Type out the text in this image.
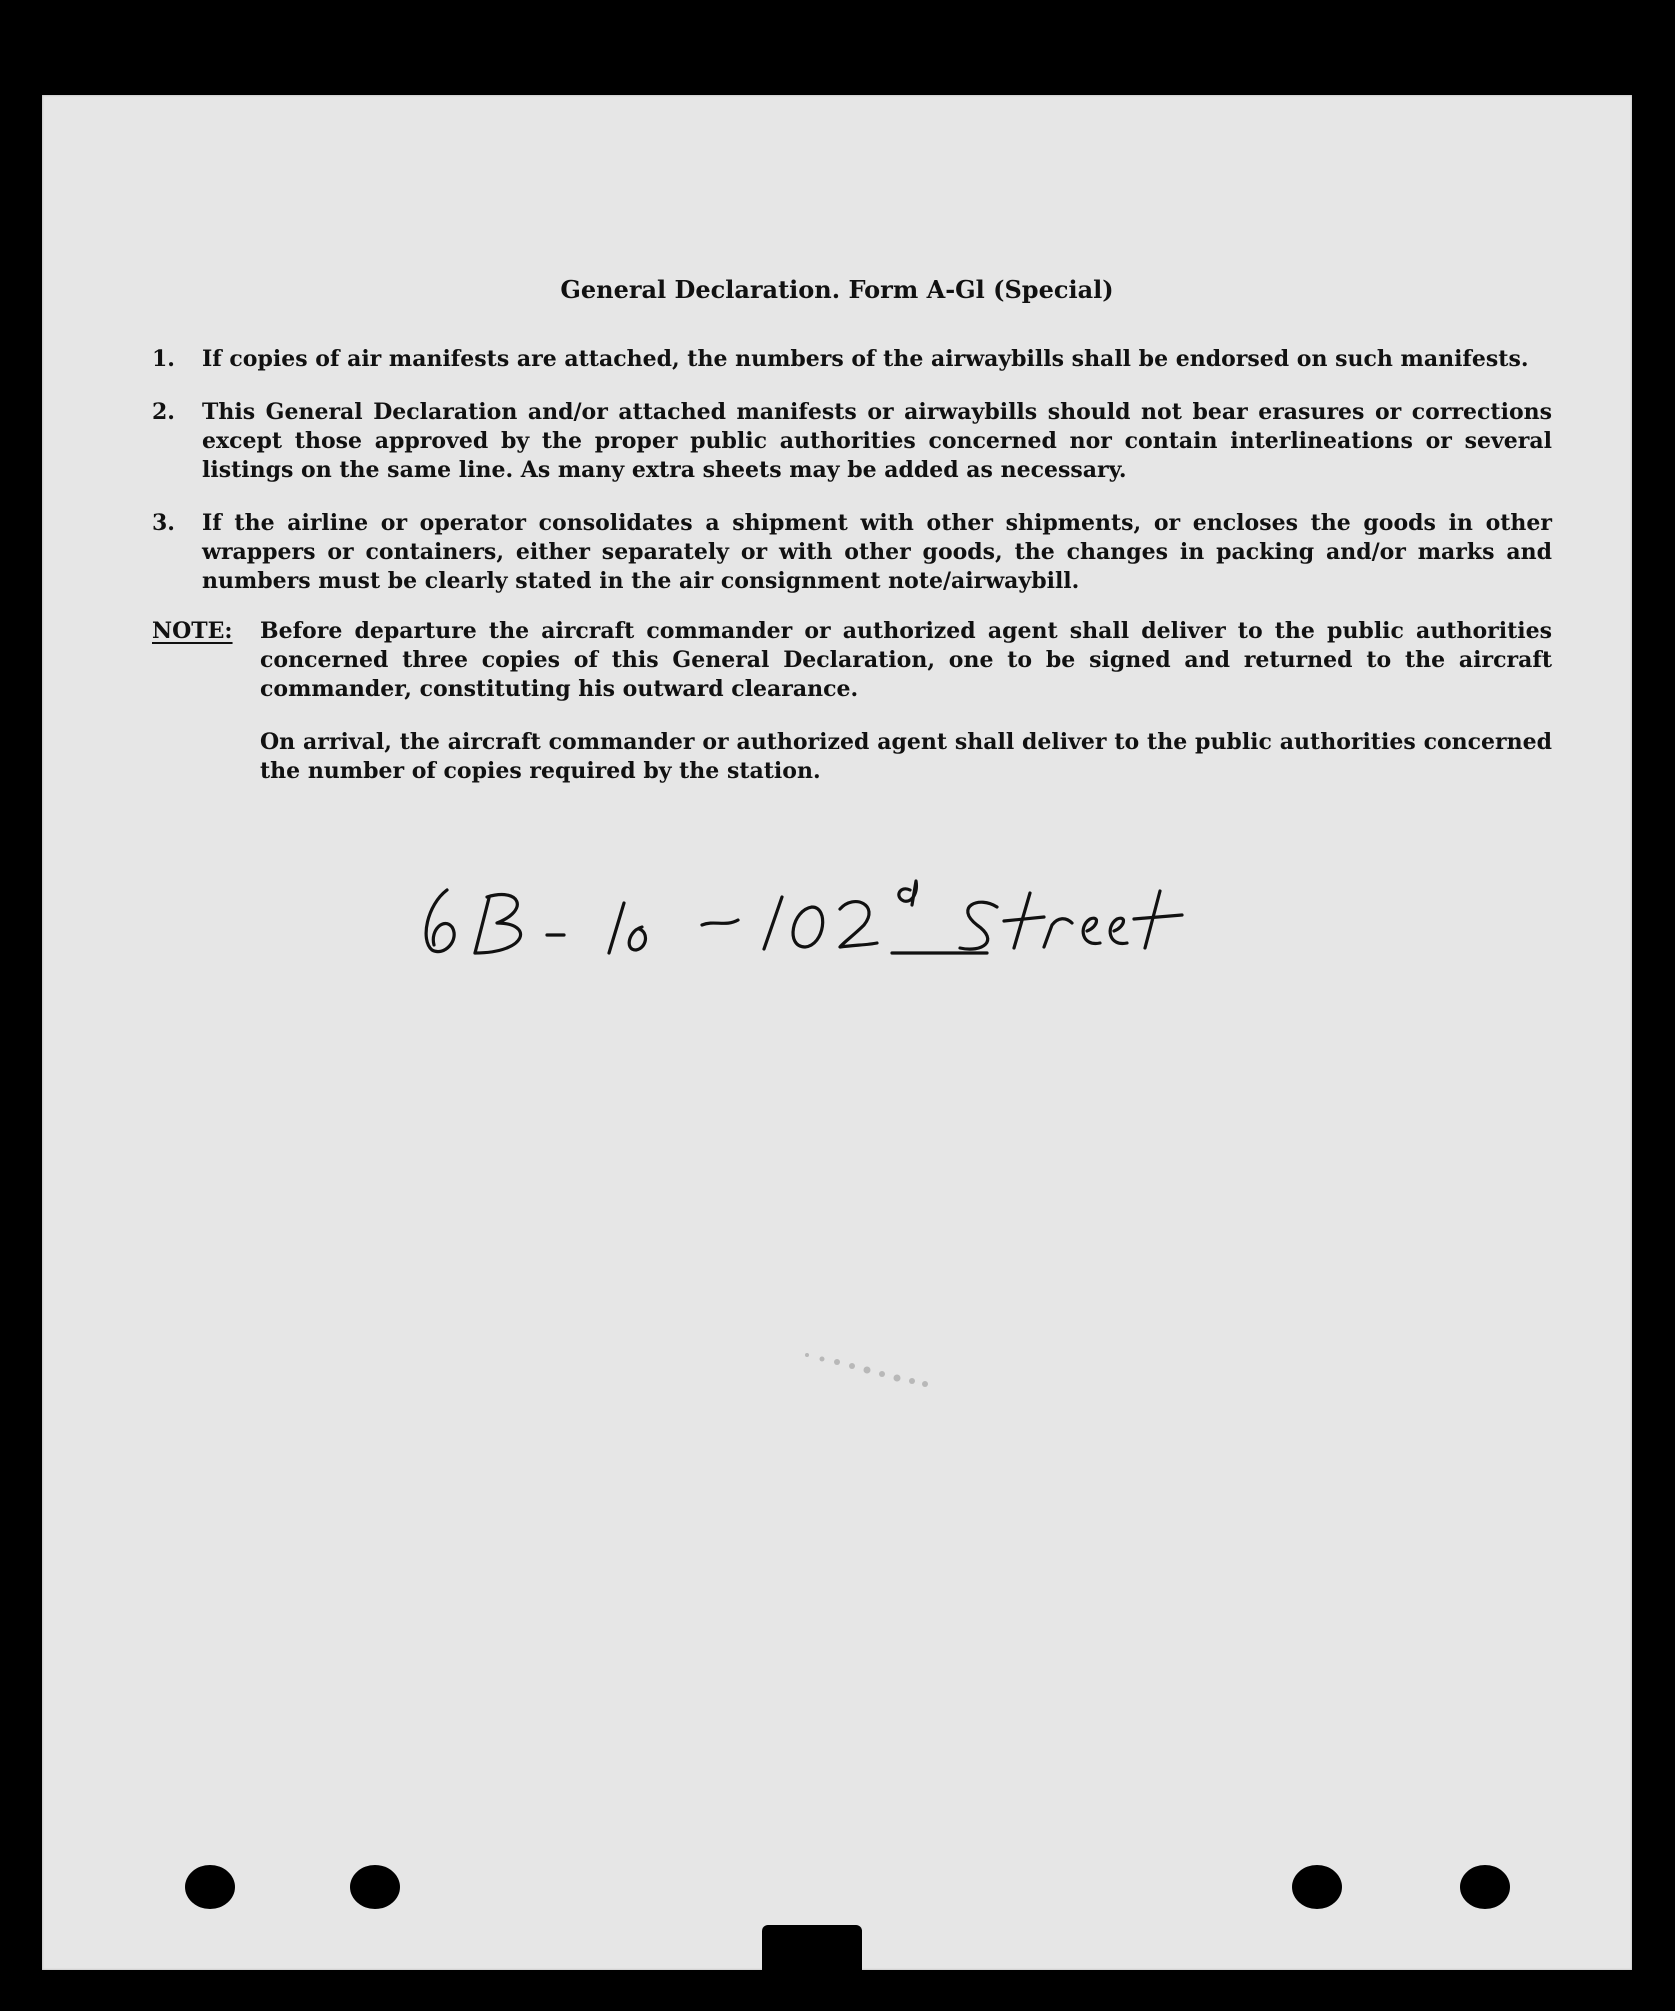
General Declaration. Form A-Gl (Special)
1.	If copies of air manifests are attached, the numbers of the airwaybills shall be endorsed on such manifests.
2.	This General Declaration and/or attached manifests or airwaybills should not bear erasures or corrections except those approved by the proper public authorities concerned nor contain interlineations or several listings on the same line. As many extra sheets may be added as necessary.
3.	If the airline or operator consolidates a shipment with other shipments, or encloses the goods in other wrappers or containers, either separately or with other goods, the changes in packing and/or marks and numbers must be clearly stated in the air consignment note/airwaybill.
NOTE: Before departure the aircraft commander or authorized agent shall deliver to the public authorities concerned three copies of this General Declaration, one to be signed and returned to the aircraft commander, constituting his outward clearance.
On arrival, the aircraft commander or authorized agent shall deliver to the public authorities concerned the number of copies required by the station.
